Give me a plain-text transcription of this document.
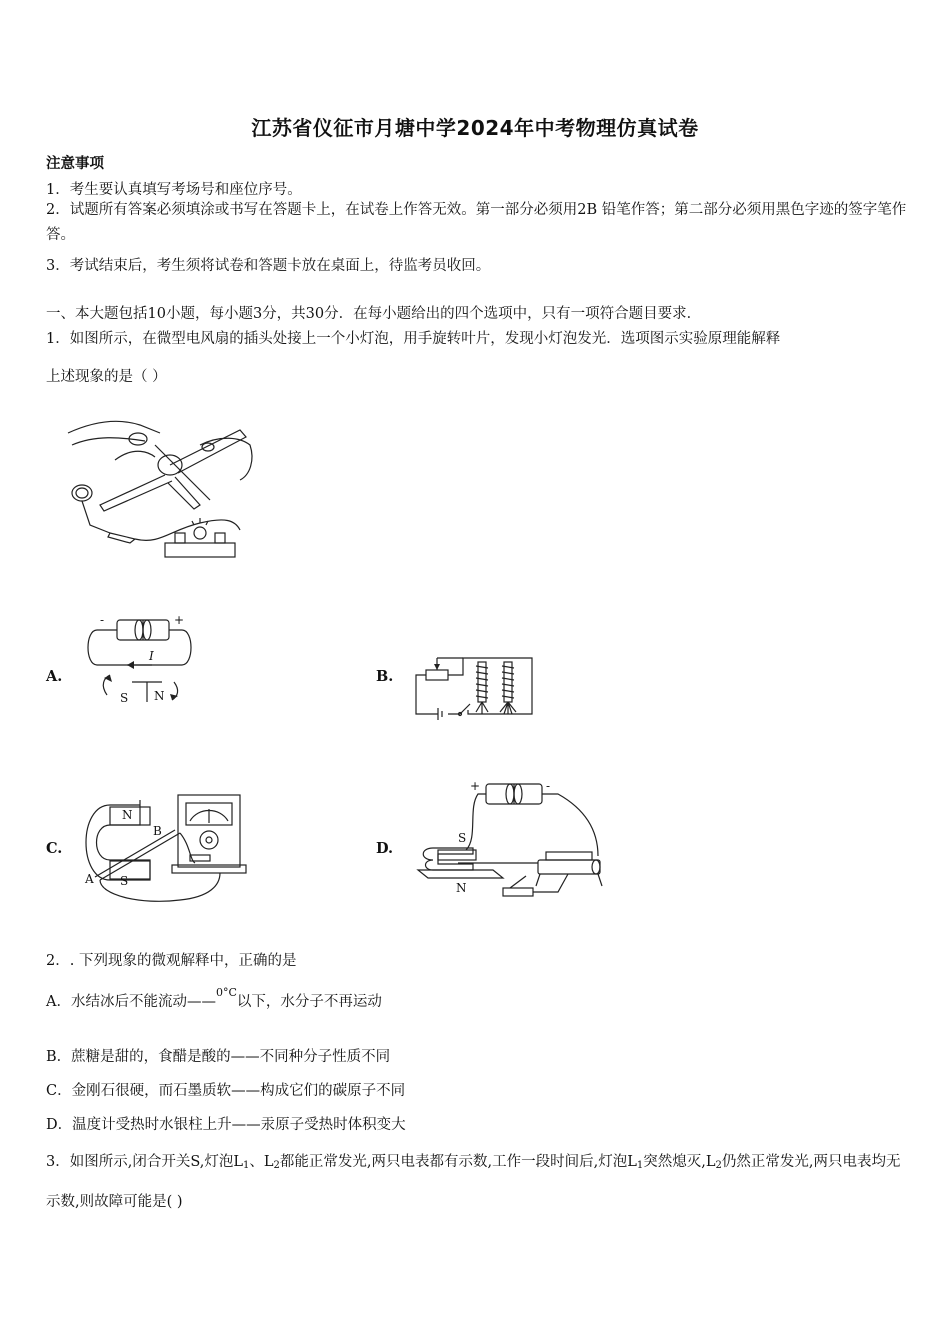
江苏省仪征市月塘中学2024年中考物理仿真试卷
注意事项
1．考生要认真填写考场号和座位序号。
2．试题所有答案必须填涂或书写在答题卡上，在试卷上作答无效。第一部分必须用2B 铅笔作答；第二部分必须用黑色字迹的签字笔作答。
3．考试结束后，考生须将试卷和答题卡放在桌面上，待监考员收回。
一、本大题包括10小题，每小题3分，共30分．在每小题给出的四个选项中，只有一项符合题目要求．
1．如图所示，在微型电风扇的插头处接上一个小灯泡，用手旋转叶片，发现小灯泡发光．选项图示实验原理能解释
上述现象的是（ ）
A.
-	+
I
S N
B.
C.
N
B
A S
D.
+	-
S
N
2．. 下列现象的微观解释中，正确的是
A．水结冰后不能流动——$^{0^\circ C}$以下，水分子不再运动
B．蔗糖是甜的，食醋是酸的——不同种分子性质不同
C．金刚石很硬，而石墨质软——构成它们的碳原子不同
D．温度计受热时水银柱上升——汞原子受热时体积变大
3．如图所示,闭合开关S,灯泡$L_1$、$L_2$都能正常发光,两只电表都有示数,工作一段时间后,灯泡$L_1$突然熄灭$,L_2$仍然正常发光,两只电表均无示数,则故障可能是( )
